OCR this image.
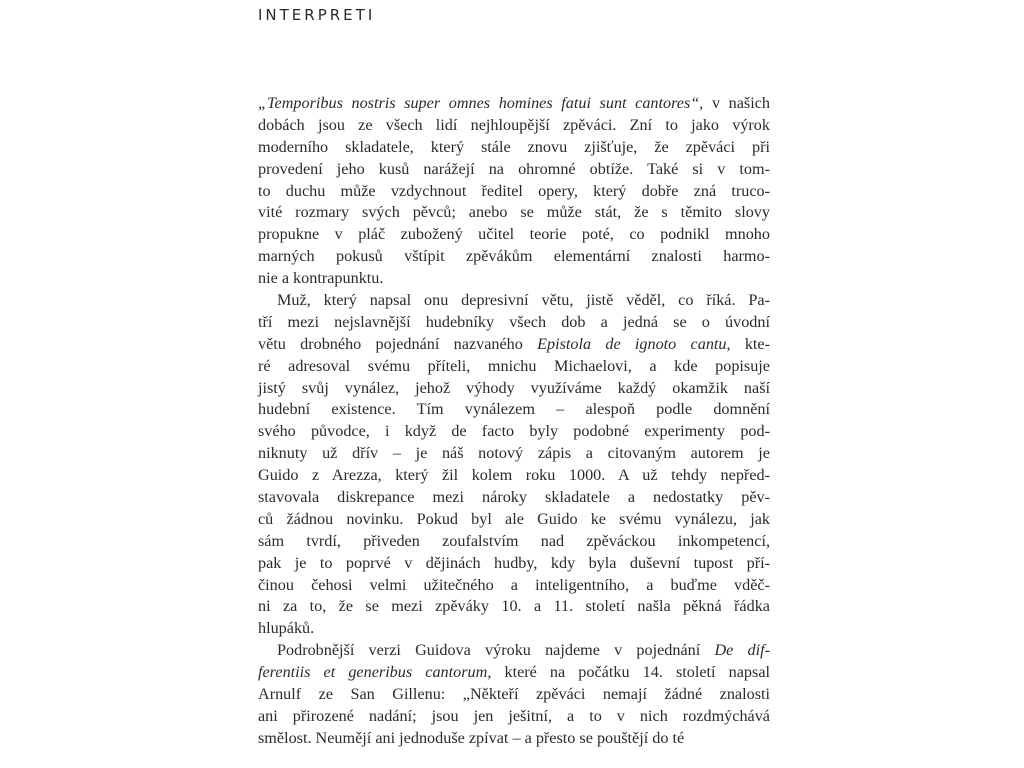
INTERPRETI
„Temporibus nostris super omnes homines fatui sunt cantores“, v našich
dobách jsou ze všech lidí nejhloupější zpěváci. Zní to jako výrok
moderního skladatele, který stále znovu zjišťuje, že zpěváci při
provedení jeho kusů narážejí na ohromné obtíže. Také si v tom-
to duchu může vzdychnout ředitel opery, který dobře zná truco-
vité rozmary svých pěvců; anebo se může stát, že s těmito slovy
propukne v pláč zubožený učitel teorie poté, co podnikl mnoho
marných pokusů vštípit zpěvákům elementární znalosti harmo-
nie a kontrapunktu.
Muž, který napsal onu depresivní větu, jistě věděl, co říká. Pa-
tří mezi nejslavnější hudebníky všech dob a jedná se o úvodní
větu drobného pojednání nazvaného Epistola de ignoto cantu, kte-
ré adresoval svému příteli, mnichu Michaelovi, a kde popisuje
jistý svůj vynález, jehož výhody využíváme každý okamžik naší
hudební existence. Tím vynálezem – alespoň podle domnění
svého původce, i když de facto byly podobné experimenty pod-
niknuty už dřív – je náš notový zápis a citovaným autorem je
Guido z Arezza, který žil kolem roku 1000. A už tehdy nepřed-
stavovala diskrepance mezi nároky skladatele a nedostatky pěv-
ců žádnou novinku. Pokud byl ale Guido ke svému vynálezu, jak
sám tvrdí, přiveden zoufalstvím nad zpěváckou inkompetencí,
pak je to poprvé v dějinách hudby, kdy byla duševní tupost pří-
činou čehosi velmi užitečného a inteligentního, a buďme vděč-
ni za to, že se mezi zpěváky 10. a 11. století našla pěkná řádka
hlupáků.
Podrobnější verzi Guidova výroku najdeme v pojednání De dif-
ferentiis et generibus cantorum, které na počátku 14. století napsal
Arnulf ze San Gillenu: „Někteří zpěváci nemají žádné znalosti
ani přirozené nadání; jsou jen ješitní, a to v nich rozdmýchává
smělost. Neumějí ani jednoduše zpívat – a přesto se pouštějí do té
